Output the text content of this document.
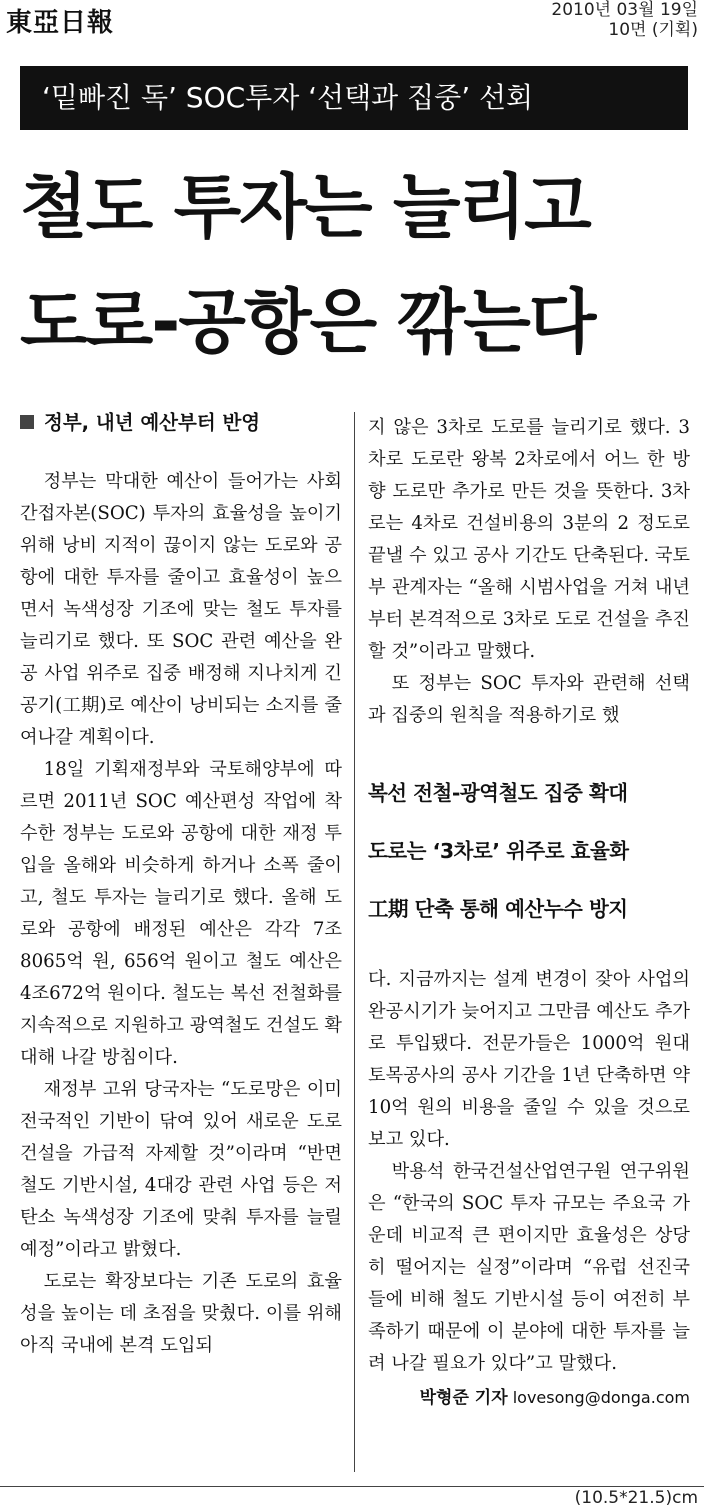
東亞日報	2010년 03월 19일
10면 (기획)
‘밑빠진 독’ SOC투자 ‘선택과 집중’ 선회
철도 투자는 늘리고
도로-공항은 깎는다
정부, 내년 예산부터 반영

정부는 막대한 예산이 들어가는 사회간접자본(SOC) 투자의 효율성을 높이기 위해 낭비 지적이 끊이지 않는 도로와 공항에 대한 투자를 줄이고 효율성이 높으면서 녹색성장 기조에 맞는 철도 투자를 늘리기로 했다. 또 SOC 관련 예산을 완공 사업 위주로 집중 배정해 지나치게 긴 공기(工期)로 예산이 낭비되는 소지를 줄여나갈 계획이다.

18일 기획재정부와 국토해양부에 따르면 2011년 SOC 예산편성 작업에 착수한 정부는 도로와 공항에 대한 재정 투입을 올해와 비슷하게 하거나 소폭 줄이고, 철도 투자는 늘리기로 했다. 올해 도로와 공항에 배정된 예산은 각각 7조8065억 원, 656억 원이고 철도 예산은 4조672억 원이다. 철도는 복선 전철화를 지속적으로 지원하고 광역철도 건설도 확대해 나갈 방침이다.

재정부 고위 당국자는 “도로망은 이미 전국적인 기반이 닦여 있어 새로운 도로 건설을 가급적 자제할 것”이라며 “반면 철도 기반시설, 4대강 관련 사업 등은 저탄소 녹색성장 기조에 맞춰 투자를 늘릴 예정”이라고 밝혔다.

도로는 확장보다는 기존 도로의 효율성을 높이는 데 초점을 맞췄다. 이를 위해 아직 국내에 본격 도입되

지 않은 3차로 도로를 늘리기로 했다. 3차로 도로란 왕복 2차로에서 어느 한 방향 도로만 추가로 만든 것을 뜻한다. 3차로는 4차로 건설비용의 3분의 2 정도로 끝낼 수 있고 공사 기간도 단축된다. 국토부 관계자는 “올해 시범사업을 거쳐 내년부터 본격적으로 3차로 도로 건설을 추진할 것”이라고 말했다.

또 정부는 SOC 투자와 관련해 선택과 집중의 원칙을 적용하기로 했

복선 전철-광역철도 집중 확대
도로는 ‘3차로’ 위주로 효율화
工期 단축 통해 예산누수 방지

다. 지금까지는 설계 변경이 잦아 사업의 완공시기가 늦어지고 그만큼 예산도 추가로 투입됐다. 전문가들은 1000억 원대 토목공사의 공사 기간을 1년 단축하면 약 10억 원의 비용을 줄일 수 있을 것으로 보고 있다.

박용석 한국건설산업연구원 연구위원은 “한국의 SOC 투자 규모는 주요국 가운데 비교적 큰 편이지만 효율성은 상당히 떨어지는 실정”이라며 “유럽 선진국들에 비해 철도 기반시설 등이 여전히 부족하기 때문에 이 분야에 대한 투자를 늘려 나갈 필요가 있다”고 말했다.

박형준 기자 lovesong@donga.com
(10.5*21.5)cm
